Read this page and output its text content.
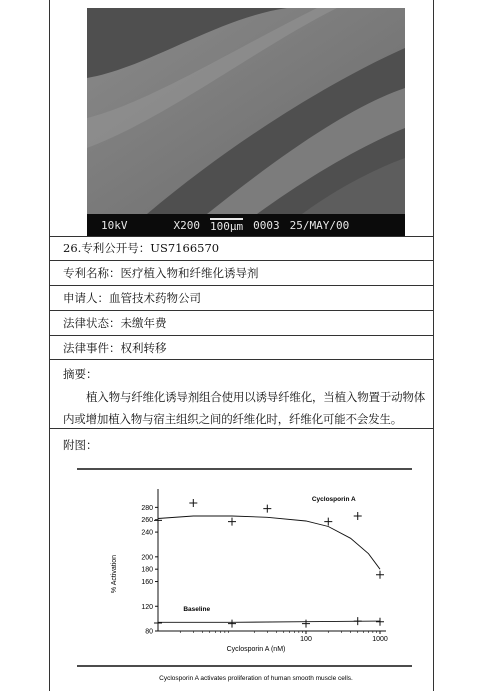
10kV	X200 100μm 0003 25/MAY/00
26.专利公开号： US7166570
专利名称： 医疗植入物和纤维化诱导剂
申请人： 血管技术药物公司
法律状态： 未缴年费
法律事件： 权利转移
摘要：
植入物与纤维化诱导剂组合使用以诱导纤维化，当植入物置于动物体内或增加植入物与宿主组织之间的纤维化时，纤维化可能不会发生。
附图：
80
120
160
180
200
240
260
280
100	1000
Cyclosporin A
Baseline
% Activation
Cyclosporin A (nM)
Cyclosporin A activates proliferation of human smooth muscle cells.
